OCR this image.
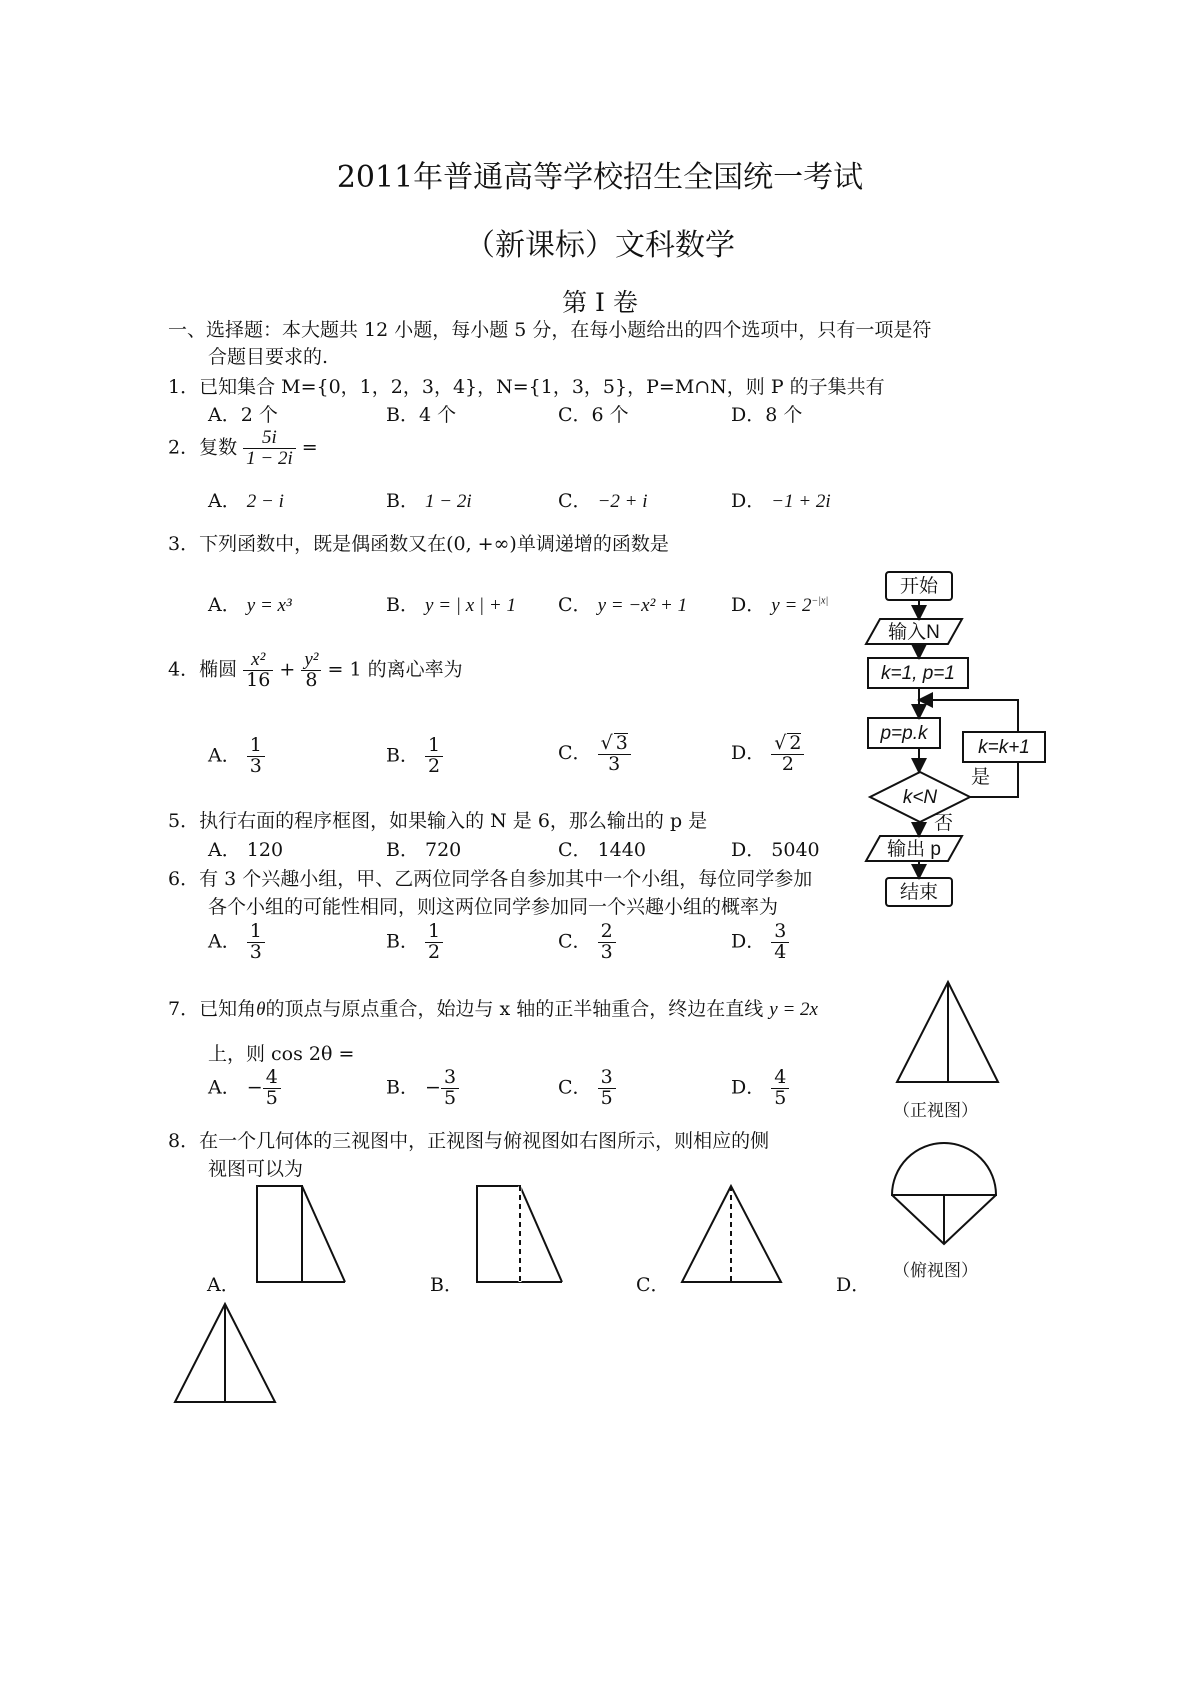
2011年普通高等学校招生全国统一考试
（新课标）文科数学
第 I 卷
一、选择题：本大题共 12 小题，每小题 5 分，在每小题给出的四个选项中，只有一项是符
合题目要求的.
1．已知集合 M={0，1，2，3，4}，N={1，3，5}，P=M∩N，则 P 的子集共有
A．2 个	B．4 个	C．6 个	D．8 个
2．复数 $\frac{5i}{1 - 2i}$ =
A． 2 − i	B． 1 − 2i	C． −2 + i	D． −1 + 2i
3．下列函数中，既是偶函数又在(0, +∞)单调递增的函数是
A． y = x³	B． y = | x | + 1 C． y = −x² + 1 D． $y = 2^{-|x|}$
4．椭圆 $\frac{\text{x²}}{16} + \frac{\text{y²}}{8} = 1$ 的离心率为
A． $\frac{1}{3}$	B． $\frac{1}{2}$	C． $\frac{√ 3}{3}$	D． $\frac{√ 2}{2}$
5．执行右面的程序框图，如果输入的 N 是 6，那么输出的 p 是
A． 120	B． 720	C． 1440	D． 5040
6．有 3 个兴趣小组，甲、乙两位同学各自参加其中一个小组，每位同学参加
各个小组的可能性相同，则这两位同学参加同一个兴趣小组的概率为
A． $\frac{1}{3}$	B． $\frac{1}{2}$	C． $\frac{2}{3}$	D． $\frac{3}{4}$
7．已知角θ的顶点与原点重合，始边与 x 轴的正半轴重合，终边在直线 y = 2x
上，则 cos 2θ =
A． − $\frac{4}{5}$	B． − $\frac{3}{5}$	C． $\frac{3}{5}$	D． $\frac{4}{5}$
8．在一个几何体的三视图中，正视图与俯视图如右图所示，则相应的侧
视图可以为
A．	B．	C．	D．
开始
输入N
k=1, p=1
p=p.k
k=k+1
k<N
是
否
输出 p
结束
（正视图）
（俯视图）
